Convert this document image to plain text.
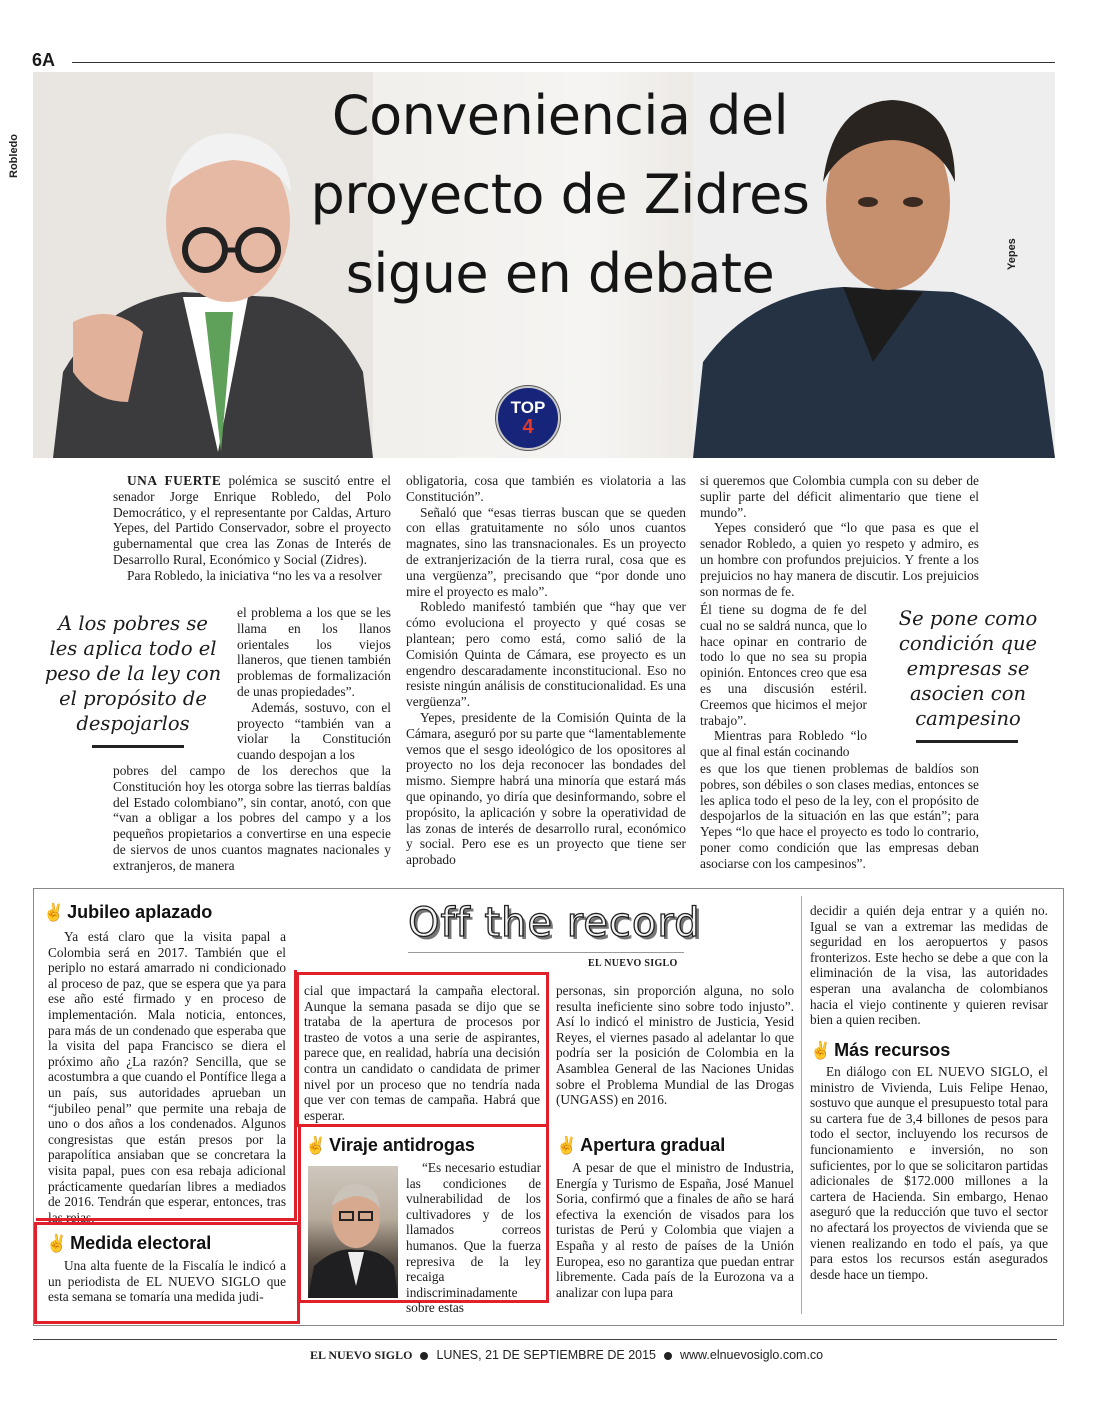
6A
Robledo
Yepes
Conveniencia del proyecto de Zidres sigue en debate
TOP
4

UNA FUERTE polémica se suscitó entre el senador Jorge Enrique Robledo, del Polo Democrático, y el representante por Caldas, Arturo Yepes, del Partido Conservador, sobre el proyecto gubernamental que crea las Zonas de Interés de Desarrollo Rural, Económico y Social (Zidres).

Para Robledo, la iniciativa “no les va a resolver

el problema a los que se les llama en los llanos orientales los viejos llaneros, que tienen también problemas de formalización de unas propiedades”.

Además, sostuvo, con el proyecto “también van a violar la Constitución cuando despojan a los

pobres del campo de los derechos que la Constitución hoy les otorga sobre las tierras baldías del Estado colombiano”, sin contar, anotó, con que “van a obligar a los pobres del campo y a los pequeños propietarios a convertirse en una especie de siervos de unos cuantos magnates nacionales y extranjeros, de manera

A los pobres se les aplica todo el peso de la ley con el propósito de despojarlos

obligatoria, cosa que también es violatoria a las Constitución”.

Señaló que “esas tierras buscan que se queden con ellas gratuitamente no sólo unos cuantos magnates, sino las transnacionales. Es un proyecto de extranjerización de la tierra rural, cosa que es una vergüenza”, precisando que “por donde uno mire el proyecto es malo”.

Robledo manifestó también que “hay que ver cómo evoluciona el proyecto y qué cosas se plantean; pero como está, como salió de la Comisión Quinta de Cámara, ese proyecto es un engendro descaradamente inconstitucional. Eso no resiste ningún análisis de constitucionalidad. Es una vergüenza”.

Yepes, presidente de la Comisión Quinta de la Cámara, aseguró por su parte que “lamentablemente vemos que el sesgo ideológico de los opositores al proyecto no los deja reconocer las bondades del mismo. Siempre habrá una minoría que estará más que opinando, yo diría que desinformando, sobre el propósito, la aplicación y sobre la operatividad de las zonas de interés de desarrollo rural, económico y social. Pero ese es un proyecto que tiene ser aprobado

si queremos que Colombia cumpla con su deber de suplir parte del déficit alimentario que tiene el mundo”.

Yepes consideró que “lo que pasa es que el senador Robledo, a quien yo respeto y admiro, es un hombre con profundos prejuicios. Y frente a los prejuicios no hay manera de discutir. Los prejuicios son normas de fe.

Él tiene su dogma de fe del cual no se saldrá nunca, que lo hace opinar en contrario de todo lo que no sea su propia opinión. Entonces creo que esa es una discusión estéril. Creemos que hicimos el mejor trabajo”.

Mientras para Robledo “lo que al final están cocinando

es que los que tienen problemas de baldíos son pobres, son débiles o son clases medias, entonces se les aplica todo el peso de la ley, con el propósito de despojarlos de la situación en las que están”; para Yepes “lo que hace el proyecto es todo lo contrario, poner como condición que las empresas deban asociarse con los campesinos”.

Se pone como condición que empresas se asocien con campesino
Off the record
EL NUEVO SIGLO
✌ Jubileo aplazado

Ya está claro que la visita papal a Colombia será en 2017. También que el periplo no estará amarrado ni condicionado al proceso de paz, que se espera que ya para ese año esté firmado y en proceso de implementación. Mala noticia, entonces, para más de un condenado que esperaba que la visita del papa Francisco se diera el próximo año ¿La razón? Sencilla, que se acostumbra a que cuando el Pontífice llega a un país, sus autoridades aprueban un “jubileo penal” que permite una rebaja de uno o dos años a los condenados. Algunos congresistas que están presos por la parapolítica ansiaban que se concretara la visita papal, pues con esa rebaja adicional prácticamente quedarían libres a mediados de 2016. Tendrán que esperar, entonces, tras

✌ Medida electoral

Una alta fuente de la Fiscalía le indicó a un periodista de EL NUEVO SIGLO que esta semana se tomaría una medida judi-

cial que impactará la campaña electoral. Aunque la semana pasada se dijo que se trataba de la apertura de procesos por trasteo de votos a una serie de aspirantes, parece que, en realidad, habría una decisión contra un candidato o candidata de primer nivel por un proceso que no tendría nada que ver con temas de campaña. Habrá que esperar.

✌ Viraje antidrogas

“Es necesario estudiar las condiciones de vulnerabilidad de los cultivadores y de los llamados correos humanos. Que la fuerza represiva de la ley recaiga indiscriminadamente sobre estas

personas, sin proporción alguna, no solo resulta ineficiente sino sobre todo injusto”. Así lo indicó el ministro de Justicia, Yesid Reyes, el viernes pasado al adelantar lo que podría ser la posición de Colombia en la Asamblea General de las Naciones Unidas sobre el Problema Mundial de las Drogas (UNGASS) en 2016.

✌ Apertura gradual

A pesar de que el ministro de Industria, Energía y Turismo de España, José Manuel Soria, confirmó que a finales de año se hará efectiva la exención de visados para los turistas de Perú y Colombia que viajen a España y al resto de países de la Unión Europea, eso no garantiza que puedan entrar libremente. Cada país de la Eurozona va a analizar con lupa para

decidir a quién deja entrar y a quién no. Igual se van a extremar las medidas de seguridad en los aeropuertos y pasos fronterizos. Este hecho se debe a que con la eliminación de la visa, las autoridades esperan una avalancha de colombianos hacia el viejo continente y quieren revisar bien a quien reciben.

✌ Más recursos

En diálogo con EL NUEVO SIGLO, el ministro de Vivienda, Luis Felipe Henao, sostuvo que aunque el presupuesto total para su cartera fue de 3,4 billones de pesos para todo el sector, incluyendo los recursos de funcionamiento e inversión, no son suficientes, por lo que se solicitaron partidas adicionales de $172.000 millones a la cartera de Hacienda. Sin embargo, Henao aseguró que la reducción que tuvo el sector no afectará los proyectos de vivienda que se vienen realizando en todo el país, ya que para estos los recursos están asegurados desde hace un tiempo.

EL NUEVO SIGLO LUNES, 21 DE SEPTIEMBRE DE 2015 www.elnuevosiglo.com.co
